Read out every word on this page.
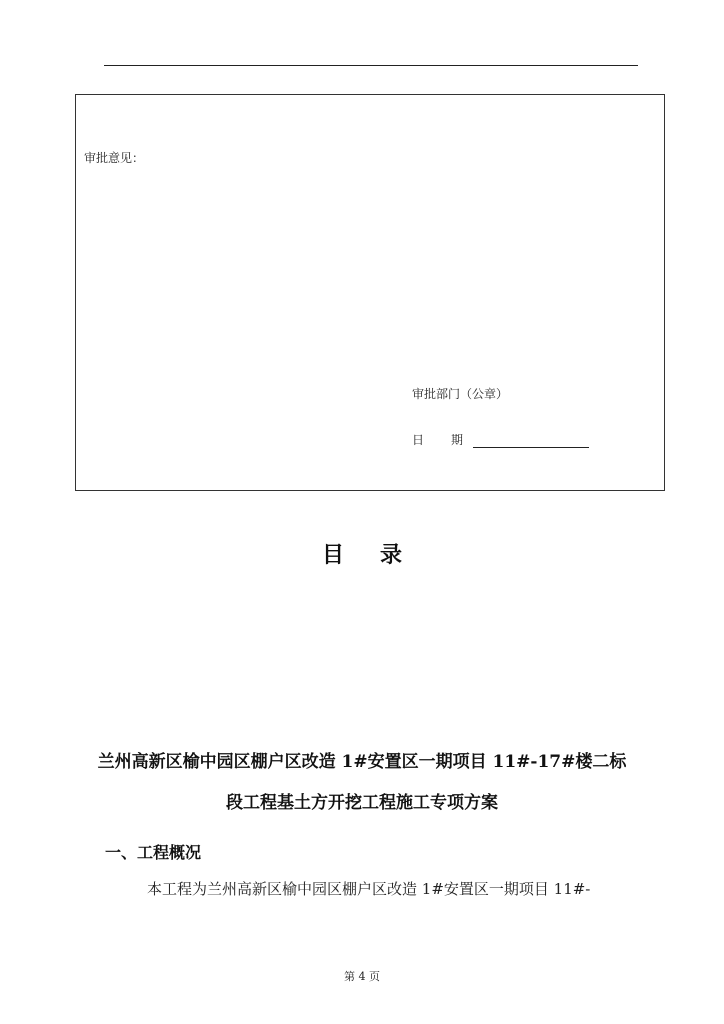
审批意见：
审批部门（公章）
日 期
目 录
兰州高新区榆中园区棚户区改造 1#安置区一期项目 11#-17#楼二标
段工程基土方开挖工程施工专项方案
一、工程概况
本工程为兰州高新区榆中园区棚户区改造 1#安置区一期项目 11#-
第 4 页
